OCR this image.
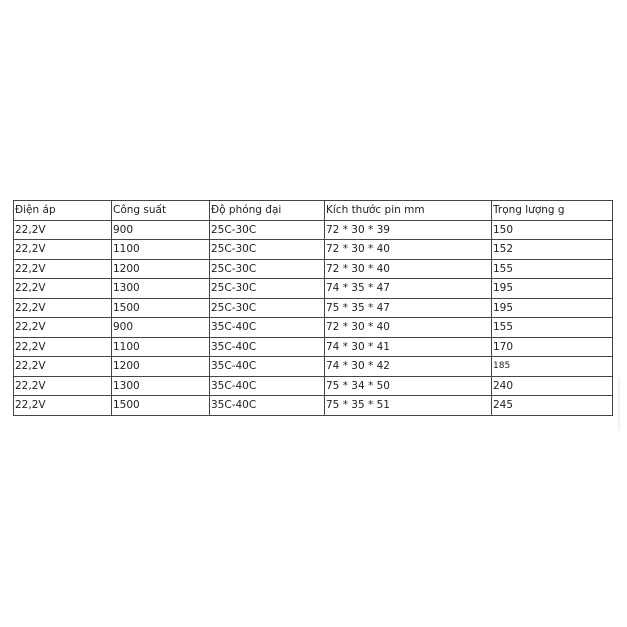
Điện áp	Công suất	Độ phóng đại	Kích thước pin mm	Trọng lượng g
22,2V	900	25C-30C	72 * 30 * 39	150
22,2V	1100	25C-30C	72 * 30 * 40	152
22,2V	1200	25C-30C	72 * 30 * 40	155
22,2V	1300	25C-30C	74 * 35 * 47	195
22,2V	1500	25C-30C	75 * 35 * 47	195
22,2V	900	35C-40C	72 * 30 * 40	155
22,2V	1100	35C-40C	74 * 30 * 41	170
22,2V	1200	35C-40C	74 * 30 * 42	185
22,2V	1300	35C-40C	75 * 34 * 50	240
22,2V	1500	35C-40C	75 * 35 * 51	245
